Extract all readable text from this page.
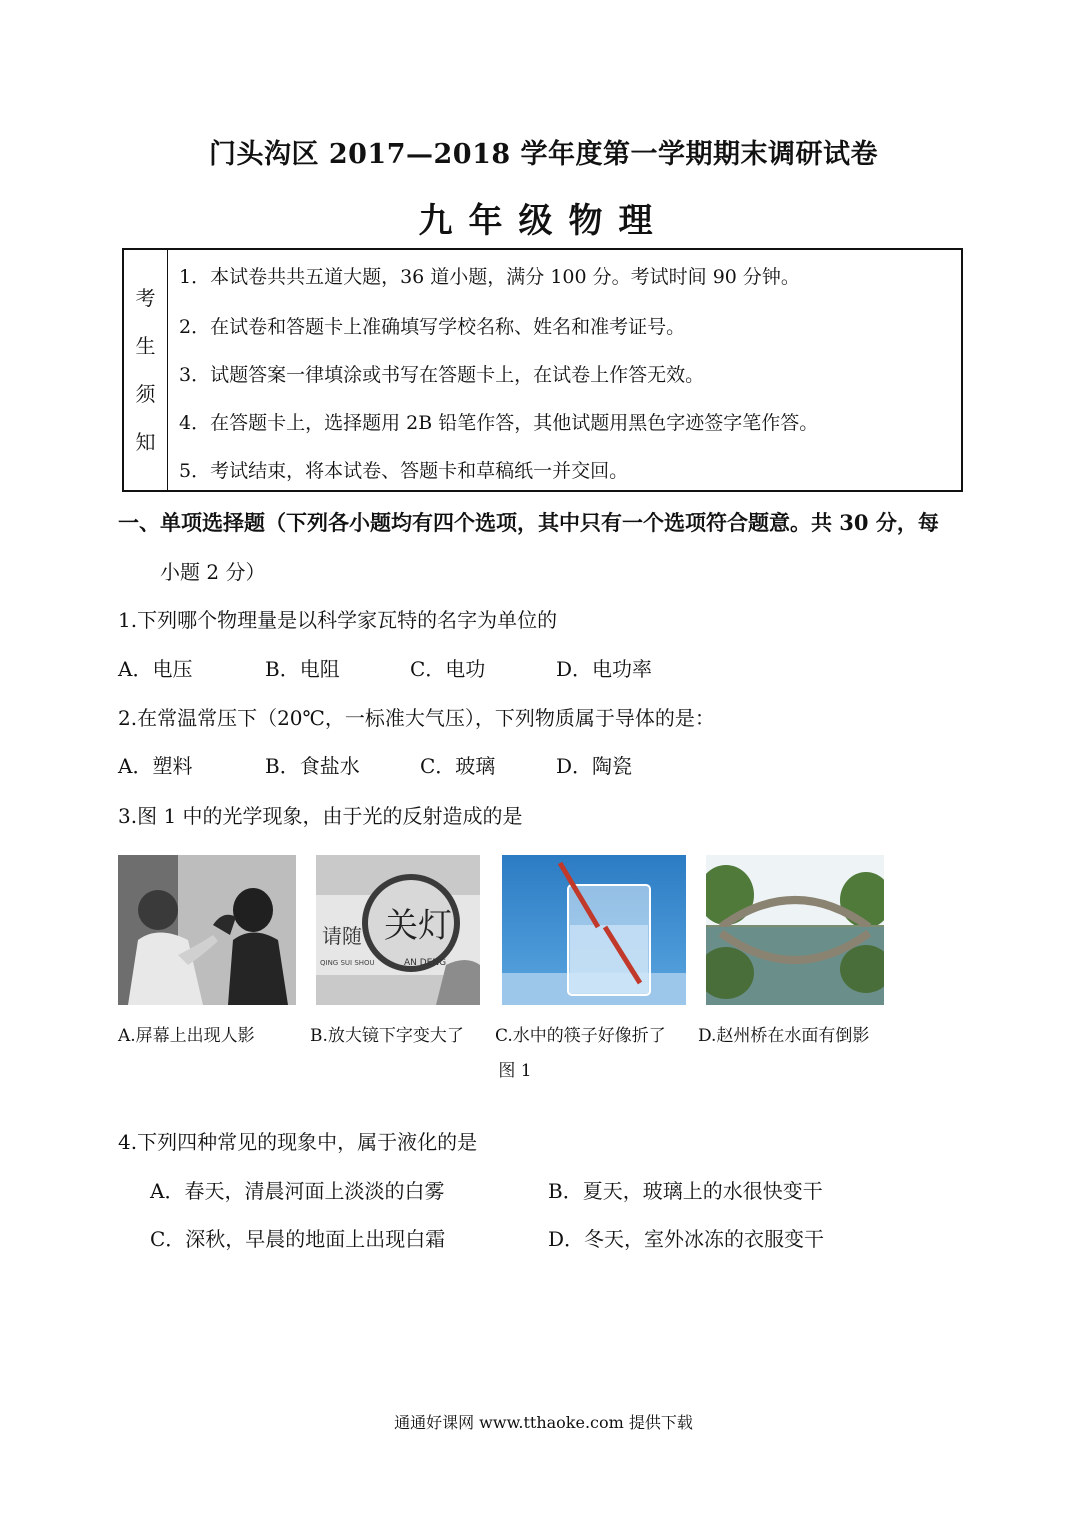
门头沟区 2017—2018 学年度第一学期期末调研试卷
九年级物理
考
生
须
知
1．本试卷共共五道大题，36 道小题，满分 100 分。考试时间 90 分钟。
2．在试卷和答题卡上准确填写学校名称、姓名和准考证号。
3．试题答案一律填涂或书写在答题卡上，在试卷上作答无效。
4．在答题卡上，选择题用 2B 铅笔作答，其他试题用黑色字迹签字笔作答。
5．考试结束，将本试卷、答题卡和草稿纸一并交回。
一、单项选择题（下列各小题均有四个选项，其中只有一个选项符合题意。共 30 分，每
小题 2 分）
1.下列哪个物理量是以科学家瓦特的名字为单位的
A．电压	B．电阻	C．电功	D．电功率
2.在常温常压下（20℃，一标准大气压），下列物质属于导体的是：
A．塑料	B．食盐水	C．玻璃	D．陶瓷
3.图 1 中的光学现象，由于光的反射造成的是
请随
QING SUI SHOU
关灯
AN DENG
A.屏幕上出现人影	B.放大镜下字变大了 C.水中的筷子好像折了 D.赵州桥在水面有倒影
图 1
4.下列四种常见的现象中，属于液化的是
A．春天，清晨河面上淡淡的白雾	B．夏天，玻璃上的水很快变干
C．深秋，早晨的地面上出现白霜	D．冬天，室外冰冻的衣服变干
通通好课网 www.tthaoke.com 提供下载
